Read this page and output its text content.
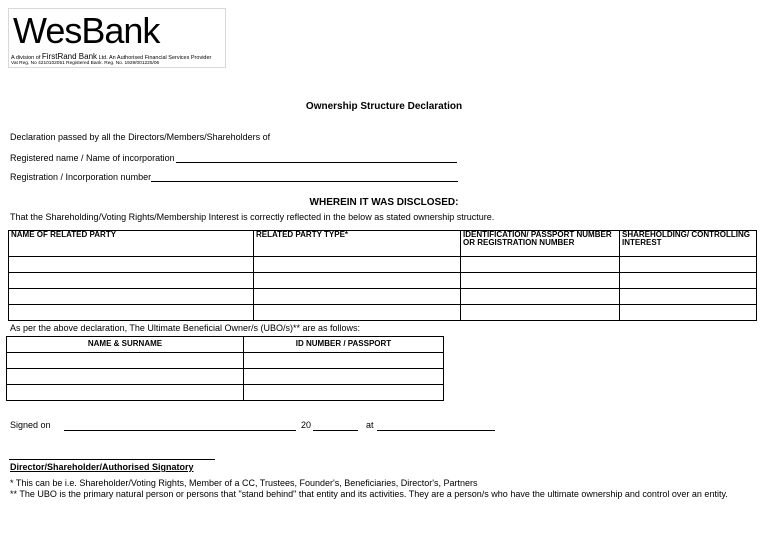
WesBank
A division of FirstRand Bank Ltd. An Authorised Financial Services Provider
Vat Reg. No 4210102051 Registered Bank. Reg. No. 1929/001225/06
Ownership Structure Declaration
Declaration passed by all the Directors/Members/Shareholders of
Registered name / Name of incorporation
Registration / Incorporation number
WHEREIN IT WAS DISCLOSED:
That the Shareholding/Voting Rights/Membership Interest is correctly reflected in the below as stated ownership structure.
NAME OF RELATED PARTY	RELATED PARTY TYPE*	IDENTIFICATION/ PASSPORT NUMBER OR REGISTRATION NUMBER	SHAREHOLDING/ CONTROLLING INTEREST

As per the above declaration, The Ultimate Beneficial Owner/s (UBO/s)** are as follows:
NAME & SURNAME	ID NUMBER / PASSPORT

Signed on	20	at
Director/Shareholder/Authorised Signatory
* This can be i.e. Shareholder/Voting Rights, Member of a CC, Trustees, Founder's, Beneficiaries, Director's, Partners
** The UBO is the primary natural person or persons that "stand behind" that entity and its activities. They are a person/s who have the ultimate ownership and control over an entity.
